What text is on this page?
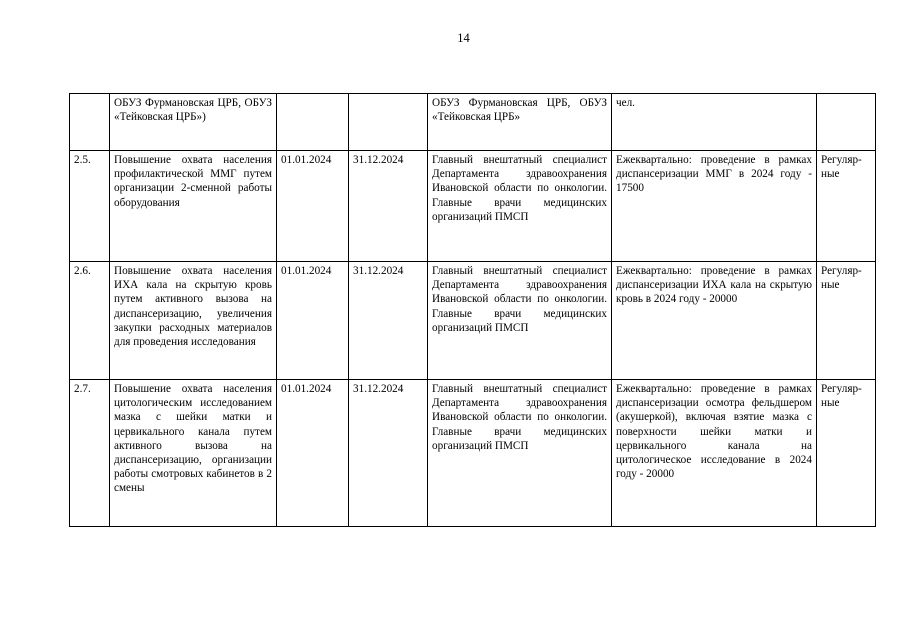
14
	ОБУЗ Фурмановская ЦРБ, ОБУЗ «Тейковская ЦРБ»)			ОБУЗ Фурмановская ЦРБ, ОБУЗ «Тейковская ЦРБ»	чел.	
2.5.	Повышение охвата населения профилактической ММГ путем организации 2-сменной работы оборудования	01.01.2024	31.12.2024	Главный внештатный специалист Департамента здравоохранения Ивановской области по онкологии. Главные врачи медицинских организаций ПМСП	Ежеквартально: проведение в рамках диспансеризации ММГ в 2024 году - 17500	Регуляр-ные
2.6.	Повышение охвата населения ИХА кала на скрытую кровь путем активного вызова на диспансеризацию, увеличения закупки расходных материалов для проведения исследования	01.01.2024	31.12.2024	Главный внештатный специалист Департамента здравоохранения Ивановской области по онкологии. Главные врачи медицинских организаций ПМСП	Ежеквартально: проведение в рамках диспансеризации ИХА кала на скрытую кровь в 2024 году - 20000	Регуляр-ные
2.7.	Повышение охвата населения цитологическим исследованием мазка с шейки матки и цервикального канала путем активного вызова на диспансеризацию, организации работы смотровых кабинетов в 2 смены	01.01.2024	31.12.2024	Главный внештатный специалист Департамента здравоохранения Ивановской области по онкологии. Главные врачи медицинских организаций ПМСП	Ежеквартально: проведение в рамках диспансеризации осмотра фельдшером (акушеркой), включая взятие мазка с поверхности шейки матки и цервикального канала на цитологическое исследование в 2024 году - 20000	Регуляр-ные
